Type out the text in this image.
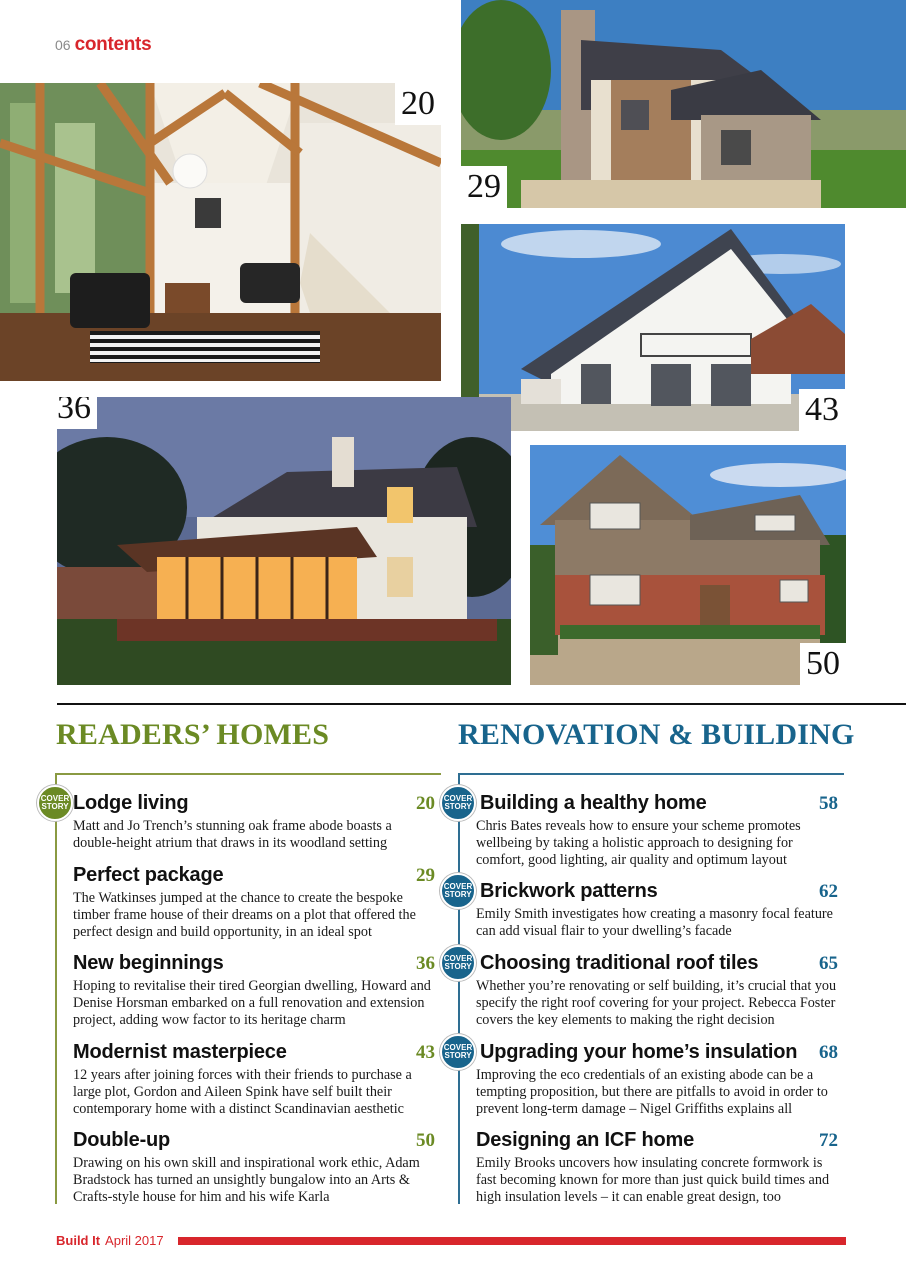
06 contents
20
29
43
36
50
READERS’ HOMES	RENOVATION & BUILDING
COVER
STORY Lodge living	20
Matt and Jo Trench’s stunning oak frame abode boasts a double-height atrium that draws in its woodland setting
Perfect package	29
The Watkinses jumped at the chance to create the bespoke timber frame house of their dreams on a plot that offered the perfect design and build opportunity, in an ideal spot
New beginnings	36
Hoping to revitalise their tired Georgian dwelling, Howard and Denise Horsman embarked on a full renovation and extension project, adding wow factor to its heritage charm
Modernist masterpiece	43
12 years after joining forces with their friends to purchase a large plot, Gordon and Aileen Spink have self built their contemporary home with a distinct Scandinavian aesthetic
Double-up	50
Drawing on his own skill and inspirational work ethic, Adam Bradstock has turned an unsightly bungalow into an Arts & Crafts-style house for him and his wife Karla
COVER
STORY
COVER
STORY
COVER
STORY
COVER
STORY
Building a healthy home	58
Chris Bates reveals how to ensure your scheme promotes wellbeing by taking a holistic approach to designing for comfort, good lighting, air quality and optimum layout
Brickwork patterns	62
Emily Smith investigates how creating a masonry focal feature can add visual flair to your dwelling’s facade
Choosing traditional roof tiles	65
Whether you’re renovating or self building, it’s crucial that you specify the right roof covering for your project. Rebecca Foster covers the key elements to making the right decision
Upgrading your home’s insulation 68
Improving the eco credentials of an existing abode can be a tempting proposition, but there are pitfalls to avoid in order to prevent long-term damage – Nigel Griffiths explains all
Designing an ICF home	72
Emily Brooks uncovers how insulating concrete formwork is fast becoming known for more than just quick build times and high insulation levels – it can enable great design, too
Build It April 2017
